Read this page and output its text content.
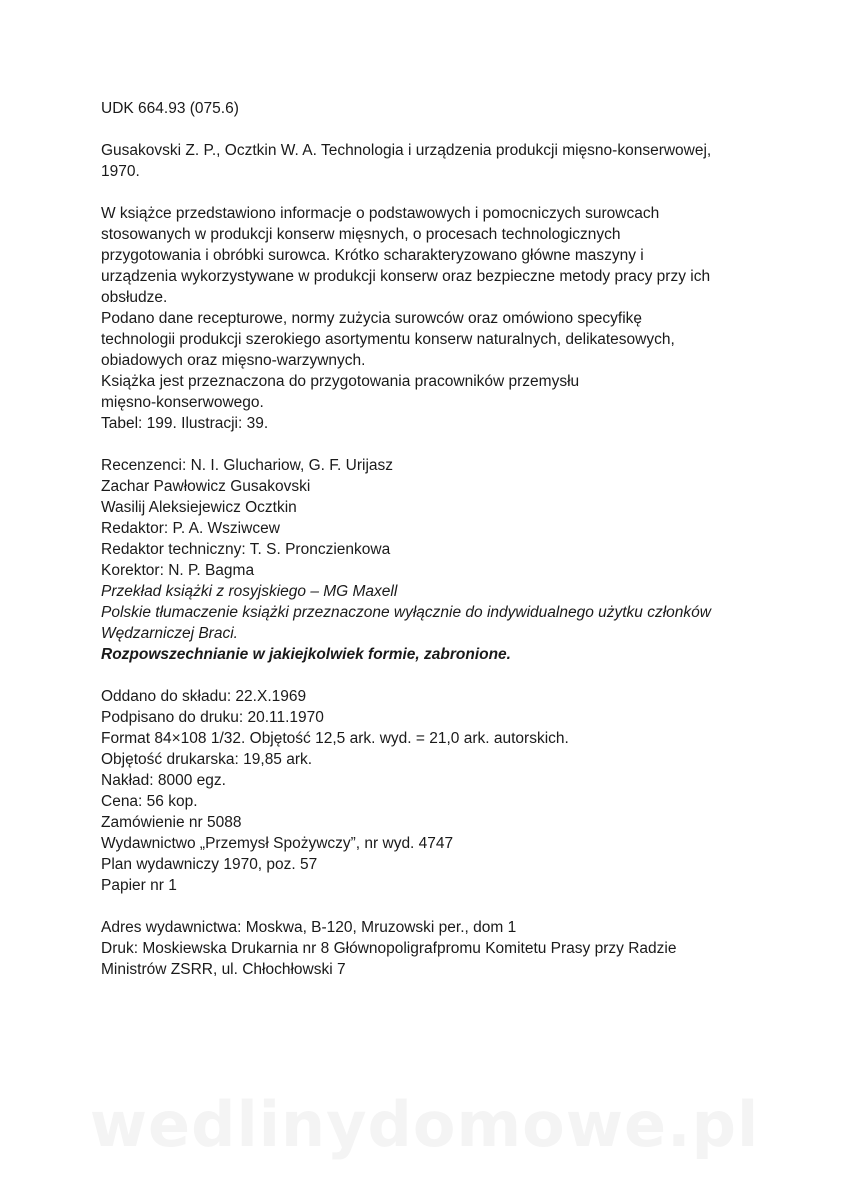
UDK 664.93 (075.6)
Gusakovski Z. P., Ocztkin W. A. Technologia i urządzenia produkcji mięsno-konserwowej,
1970.
W książce przedstawiono informacje o podstawowych i pomocniczych surowcach
stosowanych w produkcji konserw mięsnych, o procesach technologicznych
przygotowania i obróbki surowca. Krótko scharakteryzowano główne maszyny i
urządzenia wykorzystywane w produkcji konserw oraz bezpieczne metody pracy przy ich
obsłudze.
Podano dane recepturowe, normy zużycia surowców oraz omówiono specyfikę
technologii produkcji szerokiego asortymentu konserw naturalnych, delikatesowych,
obiadowych oraz mięsno-warzywnych.
Książka jest przeznaczona do przygotowania pracowników przemysłu
mięsno-konserwowego.
Tabel: 199. Ilustracji: 39.
Recenzenci: N. I. Gluchariow, G. F. Urijasz
Zachar Pawłowicz Gusakovski
Wasilij Aleksiejewicz Ocztkin
Redaktor: P. A. Wsziwcew
Redaktor techniczny: T. S. Pronczienkowa
Korektor: N. P. Bagma
Przekład książki z rosyjskiego – MG Maxell
Polskie tłumaczenie książki przeznaczone wyłącznie do indywidualnego użytku członków
Wędzarniczej Braci.
Rozpowszechnianie w jakiejkolwiek formie, zabronione.
Oddano do składu: 22.X.1969
Podpisano do druku: 20.11.1970
Format 84×108 1/32. Objętość 12,5 ark. wyd. = 21,0 ark. autorskich.
Objętość drukarska: 19,85 ark.
Nakład: 8000 egz.
Cena: 56 kop.
Zamówienie nr 5088
Wydawnictwo „Przemysł Spożywczy”, nr wyd. 4747
Plan wydawniczy 1970, poz. 57
Papier nr 1
Adres wydawnictwa: Moskwa, B-120, Mruzowski per., dom 1
Druk: Moskiewska Drukarnia nr 8 Głównopoligrafpromu Komitetu Prasy przy Radzie
Ministrów ZSRR, ul. Chłochłowski 7
wedlinydomowe.pl
